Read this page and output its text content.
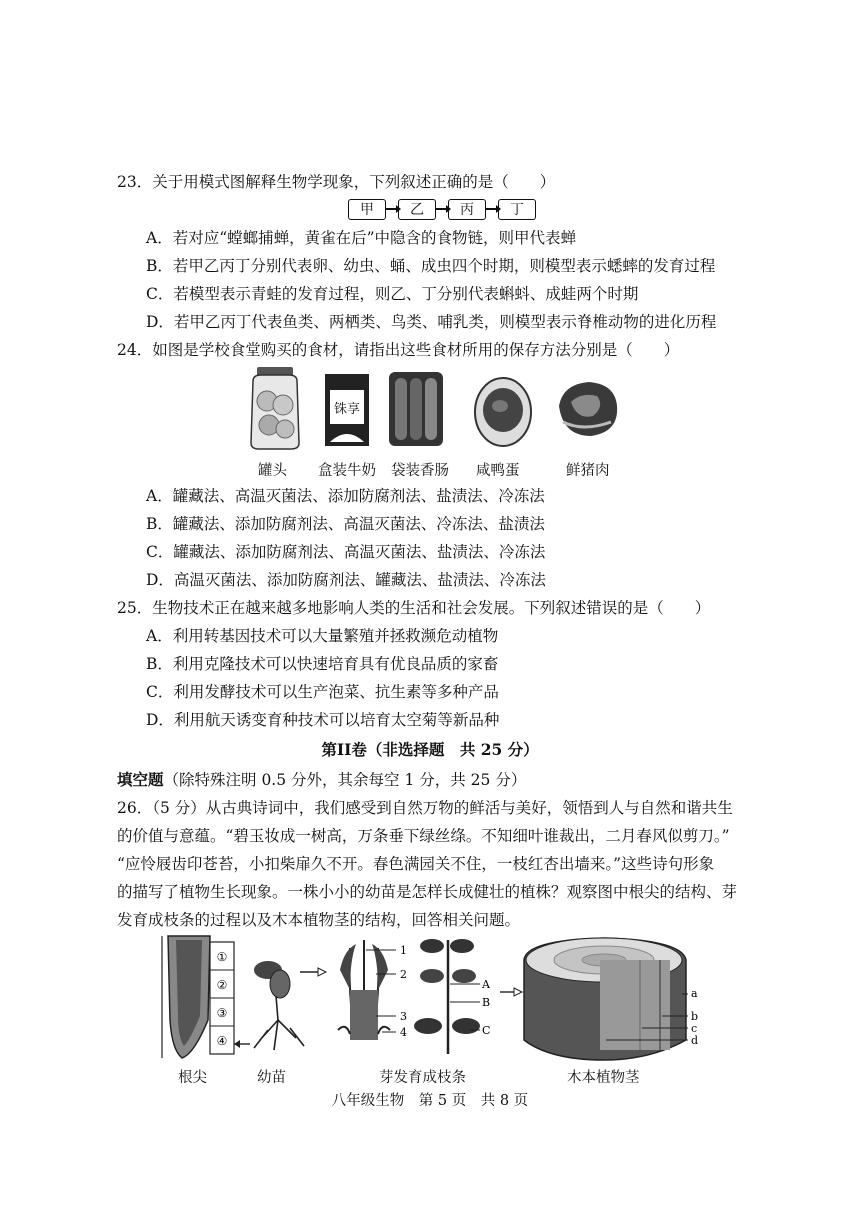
23．关于用模式图解释生物学现象，下列叙述正确的是（　　）
甲	乙	丙	丁
A．若对应“螳螂捕蝉，黄雀在后”中隐含的食物链，则甲代表蝉
B．若甲乙丙丁分别代表卵、幼虫、蛹、成虫四个时期，则模型表示蟋蟀的发育过程
C．若模型表示青蛙的发育过程，则乙、丁分别代表蝌蚪、成蛙两个时期
D．若甲乙丙丁代表鱼类、两栖类、鸟类、哺乳类，则模型表示脊椎动物的进化历程
24．如图是学校食堂购买的食材，请指出这些食材所用的保存方法分别是（　　）
铢享
罐头 盒装牛奶 袋装香肠 咸鸭蛋	鲜猪肉
A．罐藏法、高温灭菌法、添加防腐剂法、盐渍法、冷冻法
B．罐藏法、添加防腐剂法、高温灭菌法、冷冻法、盐渍法
C．罐藏法、添加防腐剂法、高温灭菌法、盐渍法、冷冻法
D．高温灭菌法、添加防腐剂法、罐藏法、盐渍法、冷冻法
25．生物技术正在越来越多地影响人类的生活和社会发展。下列叙述错误的是（　　）
A．利用转基因技术可以大量繁殖并拯救濒危动植物
B．利用克隆技术可以快速培育具有优良品质的家畜
C．利用发酵技术可以生产泡菜、抗生素等多种产品
D．利用航天诱变育种技术可以培育太空菊等新品种
第II卷（非选择题　共 25 分）
填空题（除特殊注明 0.5 分外，其余每空 1 分，共 25 分）
26．（5 分）从古典诗词中，我们感受到自然万物的鲜活与美好，领悟到人与自然和谐共生
的价值与意蕴。“碧玉妆成一树高，万条垂下绿丝绦。不知细叶谁裁出，二月春风似剪刀。”
“应怜屐齿印苍苔，小扣柴扉久不开。春色满园关不住，一枝红杏出墙来。”这些诗句形象
的描写了植物生长现象。一株小小的幼苗是怎样长成健壮的植株？观察图中根尖的结构、芽
发育成枝条的过程以及木本植物茎的结构，回答相关问题。
①
②
③
④
1
2
3
4
A
B
C
a
b
c
d
根尖	幼苗	芽发育成枝条	木本植物茎
八年级生物　第 5 页　共 8 页
